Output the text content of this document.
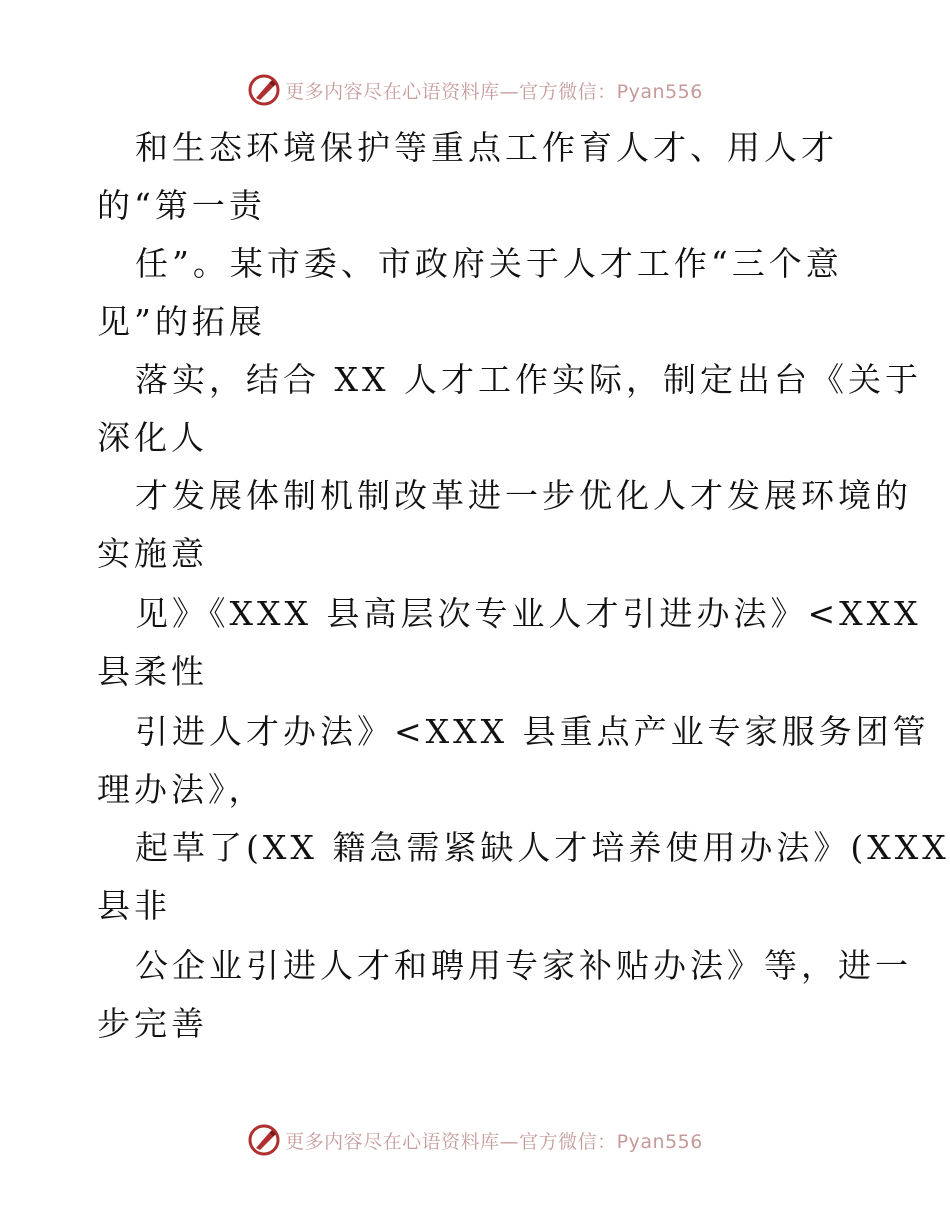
更多内容尽在心语资料库—官方微信：Pyan556
和生态环境保护等重点工作育人才、用人才
的“第一责
任”。某市委、市政府关于人才工作“三个意
见”的拓展
落实，结合 XX 人才工作实际，制定出台《关于
深化人
才发展体制机制改革进一步优化人才发展环境的
实施意
见》《XXX 县高层次专业人才引进办法》<XXX
县柔性
引进人才办法》<XXX 县重点产业专家服务团管
理办法》，
起草了(XX 籍急需紧缺人才培养使用办法》(XXX
县非
公企业引进人才和聘用专家补贴办法》等，进一
步完善
更多内容尽在心语资料库—官方微信：Pyan556
